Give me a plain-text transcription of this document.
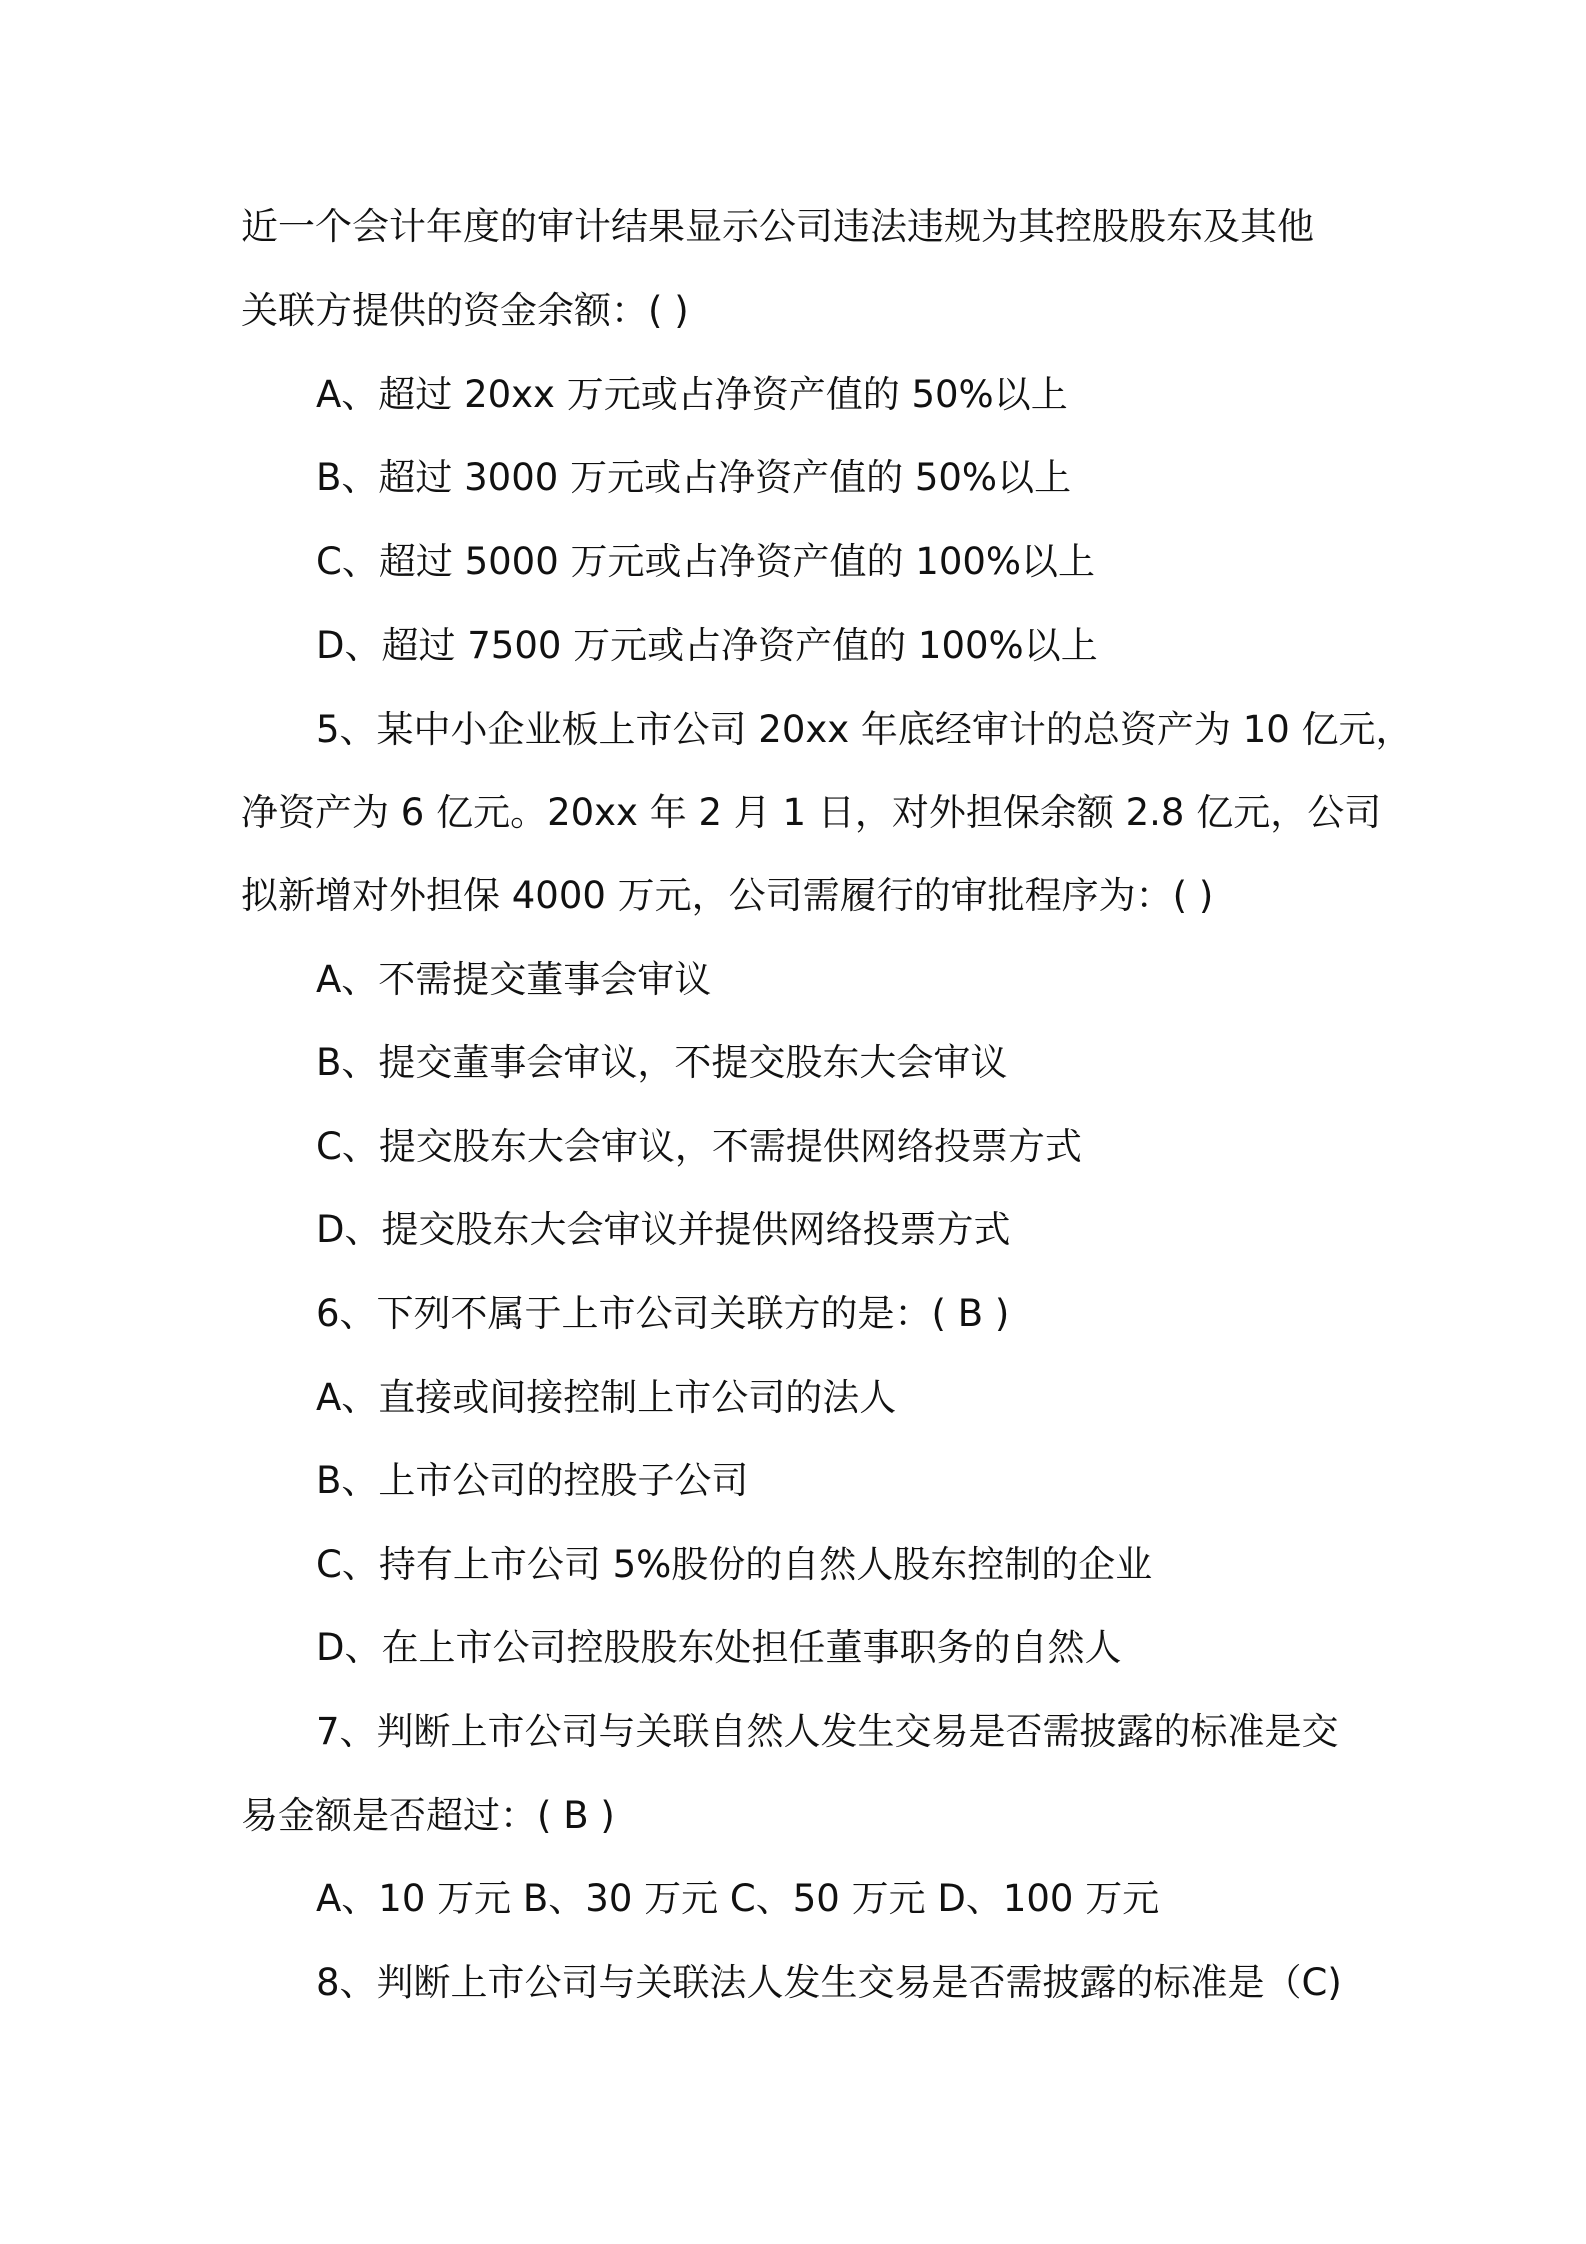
近一个会计年度的审计结果显示公司违法违规为其控股股东及其他
关联方提供的资金余额：( )
A、超过 20xx 万元或占净资产值的 50%以上
B、超过 3000 万元或占净资产值的 50%以上
C、超过 5000 万元或占净资产值的 100%以上
D、超过 7500 万元或占净资产值的 100%以上
5、某中小企业板上市公司 20xx 年底经审计的总资产为 10 亿元，
净资产为 6 亿元。20xx 年 2 月 1 日，对外担保余额 2.8 亿元，公司
拟新增对外担保 4000 万元，公司需履行的审批程序为：( )
A、不需提交董事会审议
B、提交董事会审议，不提交股东大会审议
C、提交股东大会审议，不需提供网络投票方式
D、提交股东大会审议并提供网络投票方式
6、下列不属于上市公司关联方的是：( B )
A、直接或间接控制上市公司的法人
B、上市公司的控股子公司
C、持有上市公司 5%股份的自然人股东控制的企业
D、在上市公司控股股东处担任董事职务的自然人
7、判断上市公司与关联自然人发生交易是否需披露的标准是交
易金额是否超过：( B )
A、10 万元 B、30 万元 C、50 万元 D、100 万元
8、判断上市公司与关联法人发生交易是否需披露的标准是（C)
